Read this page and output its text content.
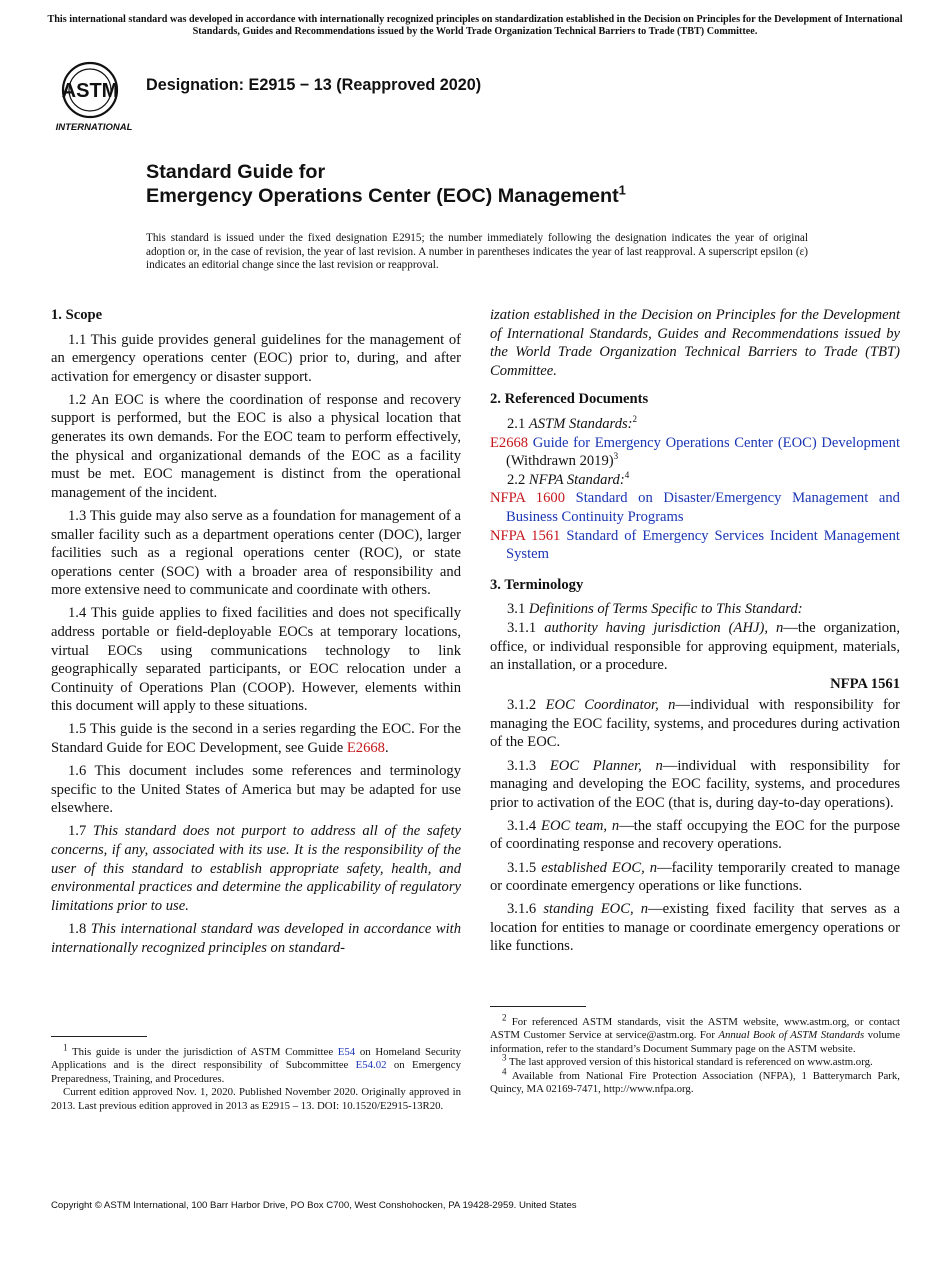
This international standard was developed in accordance with internationally recognized principles on standardization established in the Decision on Principles for the Development of International Standards, Guides and Recommendations issued by the World Trade Organization Technical Barriers to Trade (TBT) Committee.
ASTM
INTERNATIONAL
Designation: E2915 − 13 (Reapproved 2020)
Standard Guide for
Emergency Operations Center (EOC) Management$^1$
This standard is issued under the fixed designation E2915; the number immediately following the designation indicates the year of original adoption or, in the case of revision, the year of last revision. A number in parentheses indicates the year of last reapproval. A superscript epsilon (ε) indicates an editorial change since the last revision or reapproval.
1. Scope

1.1 This guide provides general guidelines for the management of an emergency operations center (EOC) prior to, during, and after activation for emergency or disaster support.

1.2 An EOC is where the coordination of response and recovery support is performed, but the EOC is also a physical location that generates its own demands. For the EOC team to perform effectively, the physical and organizational demands of the EOC as a facility must be met. EOC management is distinct from the operational management of the incident.

1.3 This guide may also serve as a foundation for management of a smaller facility such as a department operations center (DOC), larger facilities such as a regional operations center (ROC), or state operations center (SOC) with a broader area of responsibility and more extensive need to communicate and coordinate with others.

1.4 This guide applies to fixed facilities and does not specifically address portable or field-deployable EOCs at temporary locations, virtual EOCs using communications technology to link geographically separated participants, or EOC relocation under a Continuity of Operations Plan (COOP). However, elements within this document will apply to these situations.

1.5 This guide is the second in a series regarding the EOC. For the Standard Guide for EOC Development, see Guide E2668.

1.6 This document includes some references and terminology specific to the United States of America but may be adapted for use elsewhere.

1.7 This standard does not purport to address all of the safety concerns, if any, associated with its use. It is the responsibility of the user of this standard to establish appropriate safety, health, and environmental practices and determine the applicability of regulatory limitations prior to use.

1.8 This international standard was developed in accordance with internationally recognized principles on standard-

$^1$ This guide is under the jurisdiction of ASTM Committee E54 on Homeland Security Applications and is the direct responsibility of Subcommittee E54.02 on Emergency Preparedness, Training, and Procedures.

Current edition approved Nov. 1, 2020. Published November 2020. Originally approved in 2013. Last previous edition approved in 2013 as E2915 – 13. DOI: 10.1520/E2915-13R20.

ization established in the Decision on Principles for the Development of International Standards, Guides and Recommendations issued by the World Trade Organization Technical Barriers to Trade (TBT) Committee.

2. Referenced Documents

2.1 ASTM Standards:$^2$

E2668 Guide for Emergency Operations Center (EOC) Development (Withdrawn 2019)$^3$

2.2 NFPA Standard:$^4$

NFPA 1600 Standard on Disaster/Emergency Management and Business Continuity Programs
NFPA 1561 Standard of Emergency Services Incident Management System
3. Terminology

3.1 Definitions of Terms Specific to This Standard:

3.1.1 authority having jurisdiction (AHJ), n—the organization, office, or individual responsible for approving equipment, materials, an installation, or a procedure.

NFPA 1561

3.1.2 EOC Coordinator, n—individual with responsibility for managing the EOC facility, systems, and procedures during activation of the EOC.

3.1.3 EOC Planner, n—individual with responsibility for managing and developing the EOC facility, systems, and procedures prior to activation of the EOC (that is, during day-to-day operations).

3.1.4 EOC team, n—the staff occupying the EOC for the purpose of coordinating response and recovery operations.

3.1.5 established EOC, n—facility temporarily created to manage or coordinate emergency operations or like functions.

3.1.6 standing EOC, n—existing fixed facility that serves as a location for entities to manage or coordinate emergency operations or like functions.

$^2$ For referenced ASTM standards, visit the ASTM website, www.astm.org, or contact ASTM Customer Service at service@astm.org. For Annual Book of ASTM Standards volume information, refer to the standard’s Document Summary page on the ASTM website.

$^3$ The last approved version of this historical standard is referenced on www.astm.org.

$^4$ Available from National Fire Protection Association (NFPA), 1 Batterymarch Park, Quincy, MA 02169-7471, http://www.nfpa.org.

Copyright © ASTM International, 100 Barr Harbor Drive, PO Box C700, West Conshohocken, PA 19428-2959. United States
